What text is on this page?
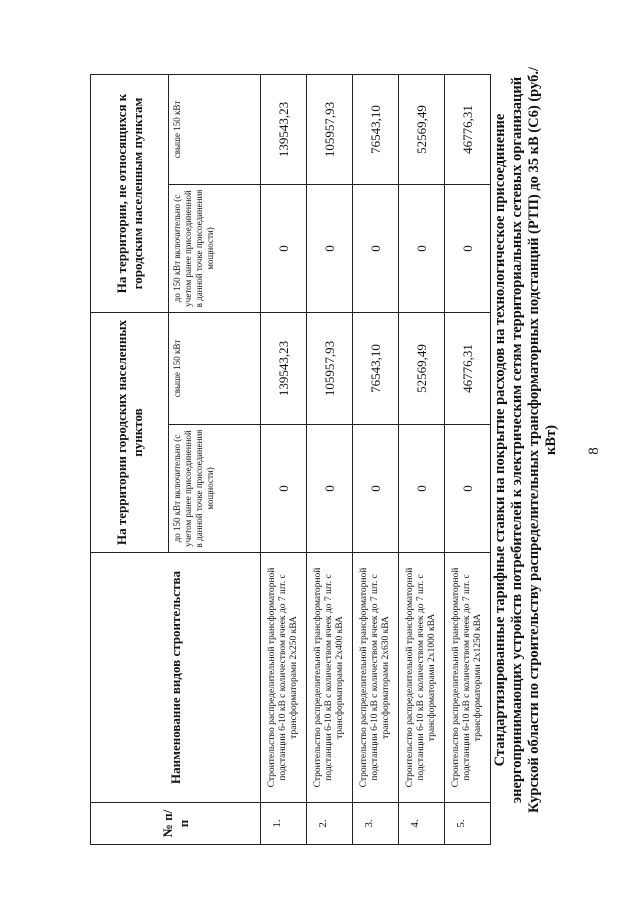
8
Стандартизированные тарифные ставки на покрытие расходов на технологическое присоединение энергопринимающих устройств потребителей к электрическим сетям территориальных сетевых организаций Курской области по строительству распределительных трансформаторных подстанций (РТП) до 35 кВ (С6) (руб./кВт)
№ п/п	Наименование видов строительства	На территории городских населенных пунктов		На территории, не относящихся к городским населенным пунктам	
		до 150 кВт включительно (с учетом ранее присоединенной в данной точке присоединения мощности)	свыше 150 кВт	до 150 кВт включительно (с учетом ранее присоединенной в данной точке присоединения мощности)	свыше 150 кВт
1.	Строительство распределительной трансформаторной подстанции 6-10 кВ с количеством ячеек до 7 шт. с трансформаторами 2х250 кВА	0	139543,23	0	139543,23
2.	Строительство распределительной трансформаторной подстанции 6-10 кВ с количеством ячеек до 7 шт. с трансформаторами 2х400 кВА	0	105957,93	0	105957,93
3.	Строительство распределительной трансформаторной подстанции 6-10 кВ с количеством ячеек до 7 шт. с трансформаторами 2х630 кВА	0	76543,10	0	76543,10
4.	Строительство распределительной трансформаторной подстанции 6-10 кВ с количеством ячеек до 7 шт. с трансформаторами 2х1000 кВА	0	52569,49	0	52569,49
5.	Строительство распределительной трансформаторной подстанции 6-10 кВ с количеством ячеек до 7 шт. с трансформаторами 2х1250 кВА	0	46776,31	0	46776,31
